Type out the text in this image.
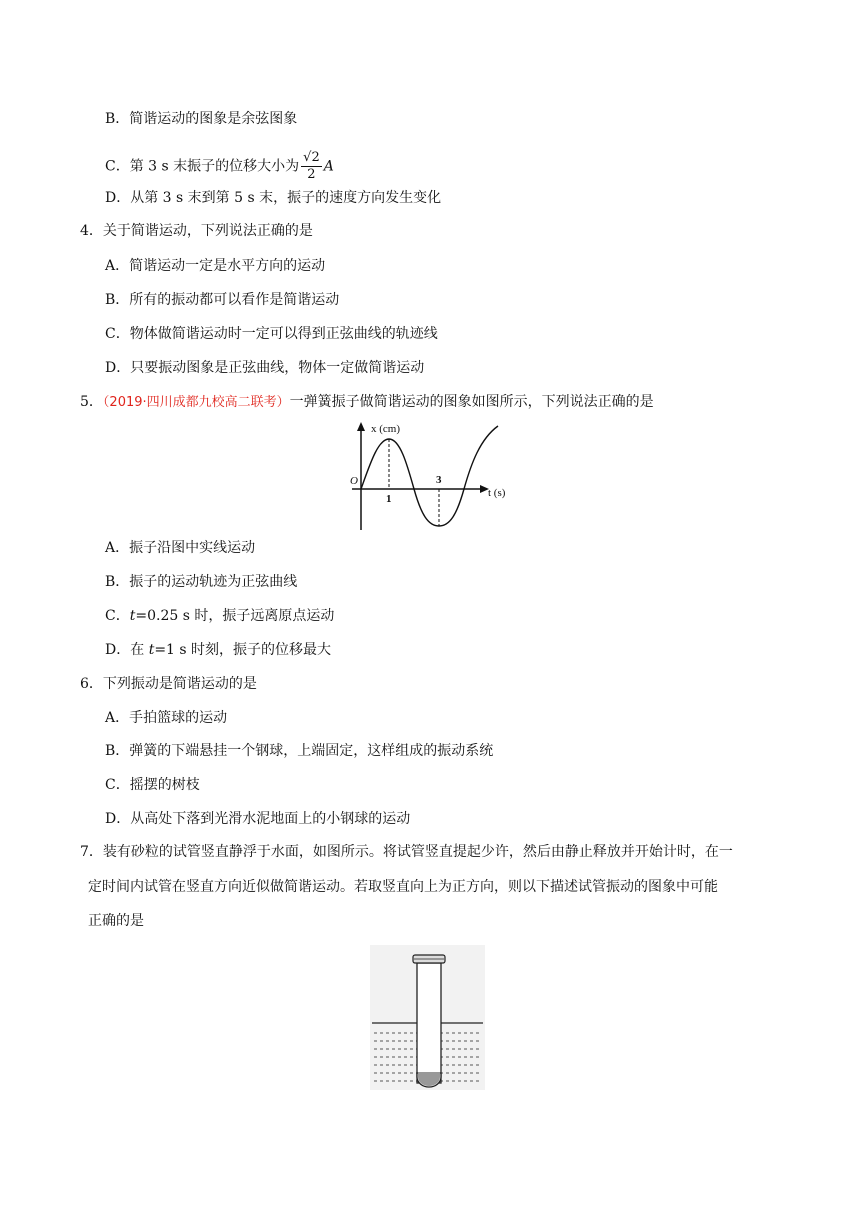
B．简谐运动的图象是余弦图象
C．第 3 s 末振子的位移大小为 $\frac{√2}{2}$ A
D．从第 3 s 末到第 5 s 末，振子的速度方向发生变化
4．关于简谐运动，下列说法正确的是
A．简谐运动一定是水平方向的运动
B．所有的振动都可以看作是简谐运动
C．物体做简谐运动时一定可以得到正弦曲线的轨迹线
D．只要振动图象是正弦曲线，物体一定做简谐运动
5．（2019·四川成都九校高二联考）一弹簧振子做简谐运动的图象如图所示，下列说法正确的是
x (cm)
t (s)
O
1
3
A．振子沿图中实线运动
B．振子的运动轨迹为正弦曲线
C．t=0.25 s 时，振子远离原点运动
D．在 t=1 s 时刻，振子的位移最大
6．下列振动是简谐运动的是
A．手拍篮球的运动
B．弹簧的下端悬挂一个钢球，上端固定，这样组成的振动系统
C．摇摆的树枝
D．从高处下落到光滑水泥地面上的小钢球的运动
7．装有砂粒的试管竖直静浮于水面，如图所示。将试管竖直提起少许，然后由静止释放并开始计时，在一
定时间内试管在竖直方向近似做简谐运动。若取竖直向上为正方向，则以下描述试管振动的图象中可能
正确的是
